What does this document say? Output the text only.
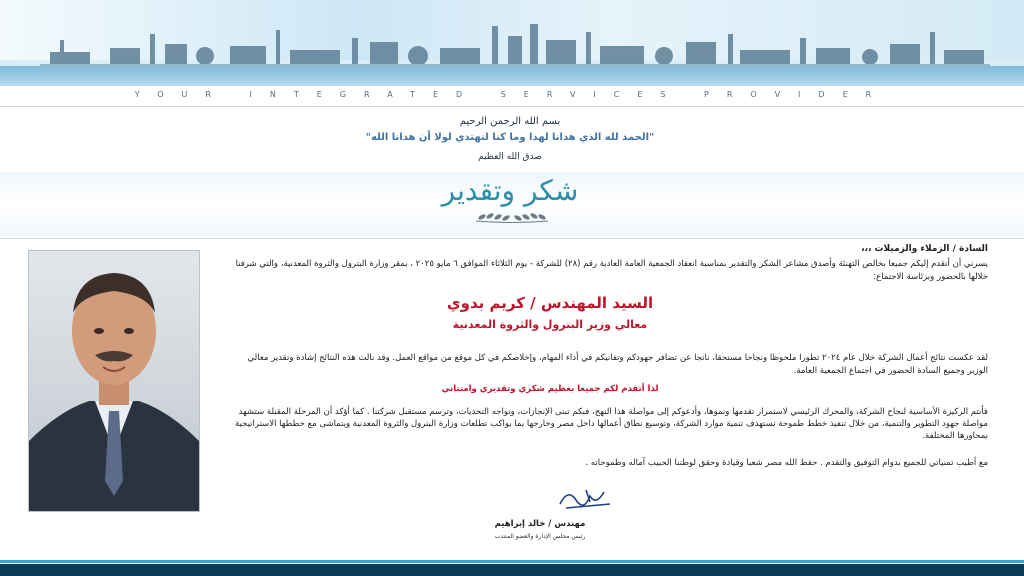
YOUR INTEGRATED SERVICES PROVIDER
بسم الله الرحمن الرحيم
"الحمد لله الذي هدانا لهذا وما كنا لنهتدي لولا أن هدانا الله"
صدق الله العظيم
شكر وتقدير
السادة / الزملاء والزميلات ،،،
يسرني أن أتقدم إليكم جميعا بخالص التهنئة وأصدق مشاعر الشكر والتقدير بمناسبة انعقاد الجمعية العامة العادية رقم (٢٨) للشركة - يوم الثلاثاء الموافق ٦ مايو ٢٠٢٥ ، بمقر وزارة البترول والثروة المعدنية، والتي شرفنا خلالها بالحضور وبرئاسة الاجتماع:
السيد المهندس / كريم بدوي
معالي وزير البترول والثروة المعدنية
لقد عكست نتائج أعمال الشركة خلال عام ٢٠٢٤ تطورا ملحوظا ونجاحا مستحقا، ناتجا عن تضافر جهودكم وتفانيكم في أداء المهام، وإخلاصكم في كل موقع من مواقع العمل. وقد نالت هذه النتائج إشادة وتقدير معالي الوزير وجميع السادة الحضور في اجتماع الجمعية العامة.
لذا أتقدم لكم جميعا بعظيم شكري وتقديري وامتناني
فأنتم الركيزة الأساسية لنجاح الشركة، والمحرك الرئيسي لاستمرار تقدمها ونموها، وأدعوكم إلى مواصلة هذا النهج، فبكم تبنى الإنجازات، وتواجه التحديات، وترسم مستقبل شركتنا . كما أؤكد أن المرحلة المقبلة ستشهد مواصلة جهود التطوير والتنمية، من خلال تنفيذ خطط طموحة تستهدف تنمية موارد الشركة، وتوسيع نطاق أعمالها داخل مصر وخارجها بما يواكب تطلعات وزارة البترول والثروة المعدنية ويتماشى مع خططها الاستراتيجية بمحاورها المختلفة.
مع أطيب تمنياتي للجميع بدوام التوفيق والتقدم . حفظ الله مصر شعبا وقيادة وحقق لوطننا الحبيب آماله وطموحاته .
مهندس / خالد إبراهيم
رئيس مجلس الإدارة والعضو المنتدب
